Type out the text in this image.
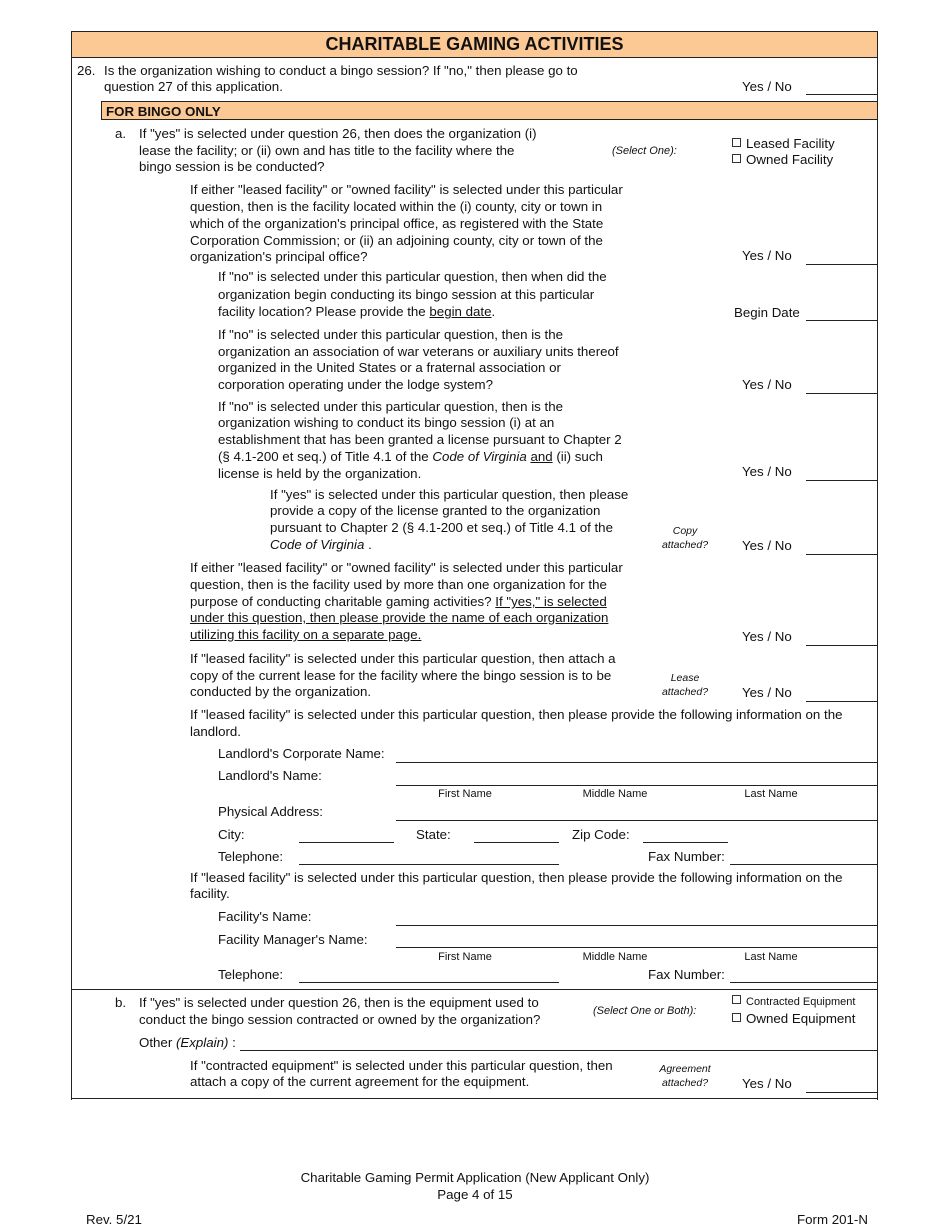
CHARITABLE GAMING ACTIVITIES
26. Is the organization wishing to conduct a bingo session? If "no," then please go to
question 27 of this application.	Yes / No
FOR BINGO ONLY
a. If "yes" is selected under question 26, then does the organization (i)
lease the facility; or (ii) own and has title to the facility where the
bingo session is be conducted?
(Select One):	Leased Facility
Owned Facility
If either "leased facility" or "owned facility" is selected under this particular
question, then is the facility located within the (i) county, city or town in
which of the organization's principal office, as registered with the State
Corporation Commission; or (ii) an adjoining county, city or town of the
organization's principal office?	Yes / No
If "no" is selected under this particular question, then when did the
organization begin conducting its bingo session at this particular
facility location? Please provide the begin date.	Begin Date
If "no" is selected under this particular question, then is the
organization an association of war veterans or auxiliary units thereof
organized in the United States or a fraternal association or
corporation operating under the lodge system?	Yes / No
If "no" is selected under this particular question, then is the
organization wishing to conduct its bingo session (i) at an
establishment that has been granted a license pursuant to Chapter 2
(§ 4.1-200 et seq.) of Title 4.1 of the Code of Virginia and (ii) such
license is held by the organization.	Yes / No
If "yes" is selected under this particular question, then please
provide a copy of the license granted to the organization
pursuant to Chapter 2 (§ 4.1-200 et seq.) of Title 4.1 of the
Code of Virginia .
Copy
attached?	Yes / No
If either "leased facility" or "owned facility" is selected under this particular
question, then is the facility used by more than one organization for the
purpose of conducting charitable gaming activities? If "yes," is selected
under this question, then please provide the name of each organization
utilizing this facility on a separate page.	Yes / No
If "leased facility" is selected under this particular question, then attach a
copy of the current lease for the facility where the bingo session is to be
conducted by the organization.
Lease
attached?	Yes / No
If "leased facility" is selected under this particular question, then please provide the following information on the
landlord.
Landlord's Corporate Name:
Landlord's Name:
First Name	Middle Name	Last Name
Physical Address:
City:	State:	Zip Code:
Telephone:	Fax Number:
If "leased facility" is selected under this particular question, then please provide the following information on the
facility.
Facility's Name:
Facility Manager's Name:
First Name	Middle Name	Last Name
Telephone:	Fax Number:
b. If "yes" is selected under question 26, then is the equipment used to
conduct the bingo session contracted or owned by the organization?
(Select One or Both):
Contracted Equipment
Owned Equipment
Other (Explain) :
If "contracted equipment" is selected under this particular question, then
attach a copy of the current agreement for the equipment.
Agreement
attached?	Yes / No
Rev. 5/21
Charitable Gaming Permit Application (New Applicant Only)
Page 4 of 15
Form 201-N
